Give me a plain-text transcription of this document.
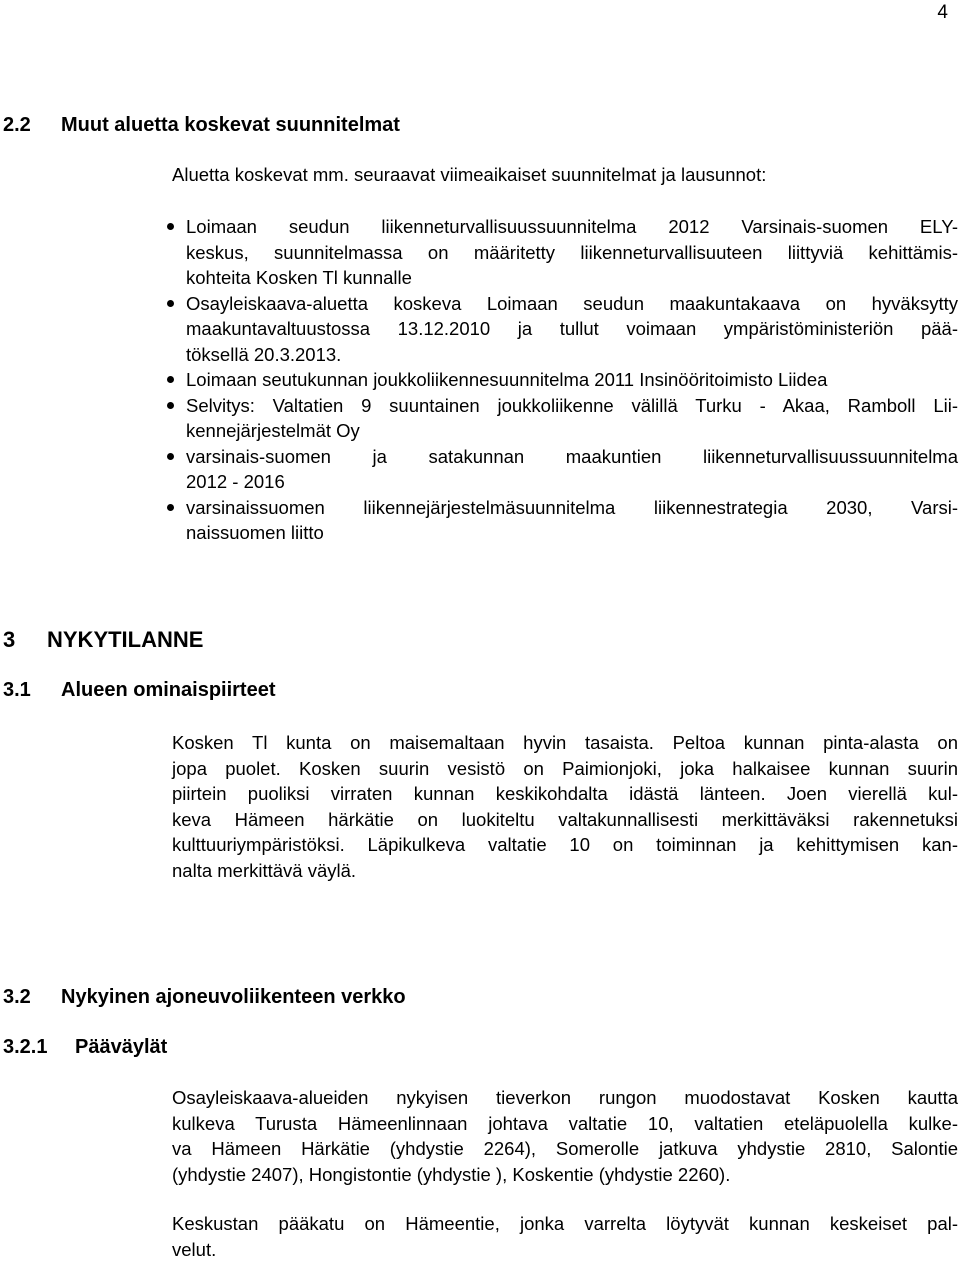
4
2.2 Muut aluetta koskevat suunnitelmat
Aluetta koskevat mm. seuraavat viimeaikaiset suunnitelmat ja lausunnot:
Loimaan seudun liikenneturvallisuussuunnitelma 2012 Varsinais-suomen ELY-
keskus, suunnitelmassa on määritetty liikenneturvallisuuteen liittyviä kehittämis-
kohteita Kosken Tl kunnalle
Osayleiskaava-aluetta koskeva Loimaan seudun maakuntakaava on hyväksytty
maakuntavaltuustossa 13.12.2010 ja tullut voimaan ympäristöministeriön pää-
töksellä 20.3.2013.
Loimaan seutukunnan joukkoliikennesuunnitelma 2011 Insinööritoimisto Liidea
Selvitys: Valtatien 9 suuntainen joukkoliikenne välillä Turku - Akaa, Ramboll Lii-
kennejärjestelmät Oy
varsinais-suomen ja satakunnan maakuntien liikenneturvallisuussuunnitelma
2012 - 2016
varsinaissuomen liikennejärjestelmäsuunnitelma liikennestrategia 2030, Varsi-
naissuomen liitto
3 NYKYTILANNE
3.1 Alueen ominaispiirteet
Kosken Tl kunta on maisemaltaan hyvin tasaista. Peltoa kunnan pinta-alasta on
jopa puolet. Kosken suurin vesistö on Paimionjoki, joka halkaisee kunnan suurin
piirtein puoliksi virraten kunnan keskikohdalta idästä länteen. Joen vierellä kul-
keva Hämeen härkätie on luokiteltu valtakunnallisesti merkittäväksi rakennetuksi
kulttuuriympäristöksi. Läpikulkeva valtatie 10 on toiminnan ja kehittymisen kan-
nalta merkittävä väylä.
3.2 Nykyinen ajoneuvoliikenteen verkko
3.2.1 Pääväylät
Osayleiskaava-alueiden nykyisen tieverkon rungon muodostavat Kosken kautta
kulkeva Turusta Hämeenlinnaan johtava valtatie 10, valtatien eteläpuolella kulke-
va Hämeen Härkätie (yhdystie 2264), Somerolle jatkuva yhdystie 2810, Salontie
(yhdystie 2407), Hongistontie (yhdystie ), Koskentie (yhdystie 2260).
Keskustan pääkatu on Hämeentie, jonka varrelta löytyvät kunnan keskeiset pal-
velut.
